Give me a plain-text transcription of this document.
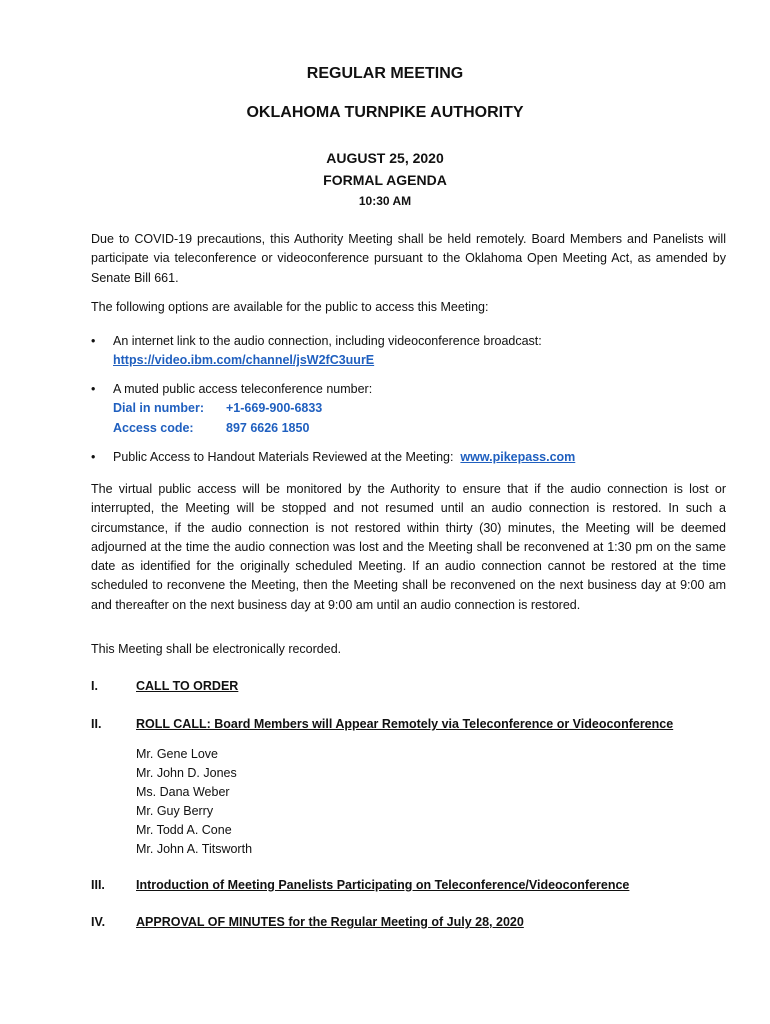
REGULAR MEETING
OKLAHOMA TURNPIKE AUTHORITY
AUGUST 25, 2020
FORMAL AGENDA
10:30 AM
Due to COVID-19 precautions, this Authority Meeting shall be held remotely. Board Members and Panelists will participate via teleconference or videoconference pursuant to the Oklahoma Open Meeting Act, as amended by Senate Bill 661.
The following options are available for the public to access this Meeting:
• An internet link to the audio connection, including videoconference broadcast:
https://video.ibm.com/channel/jsW2fC3uurE
• A muted public access teleconference number:
Dial in number:	+1-669-900-6833
Access code:	897 6626 1850
• Public Access to Handout Materials Reviewed at the Meeting: www.pikepass.com
The virtual public access will be monitored by the Authority to ensure that if the audio connection is lost or interrupted, the Meeting will be stopped and not resumed until an audio connection is restored. In such a circumstance, if the audio connection is not restored within thirty (30) minutes, the Meeting will be deemed adjourned at the time the audio connection was lost and the Meeting shall be reconvened at 1:30 pm on the same date as identified for the originally scheduled Meeting. If an audio connection cannot be restored at the time scheduled to reconvene the Meeting, then the Meeting shall be reconvened on the next business day at 9:00 am and thereafter on the next business day at 9:00 am until an audio connection is restored.
This Meeting shall be electronically recorded.
I.	CALL TO ORDER
II.	ROLL CALL: Board Members will Appear Remotely via Teleconference or Videoconference
Mr. Gene Love
Mr. John D. Jones
Ms. Dana Weber
Mr. Guy Berry
Mr. Todd A. Cone
Mr. John A. Titsworth
III. Introduction of Meeting Panelists Participating on Teleconference/Videoconference
IV. APPROVAL OF MINUTES for the Regular Meeting of July 28, 2020
